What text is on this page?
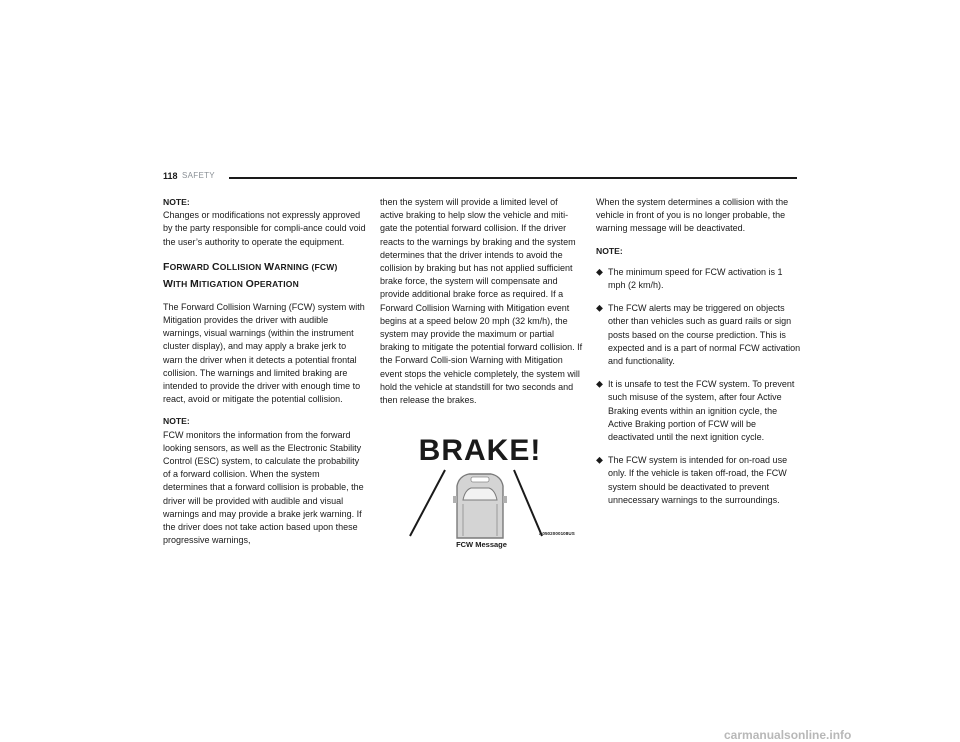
118 SAFETY
NOTE:

Changes or modifications not expressly approved by the party responsible for compli-ance could void the user’s authority to operate the equipment.

FORWARD COLLISION WARNING (FCW)
WITH MITIGATION OPERATION

The Forward Collision Warning (FCW) system with Mitigation provides the driver with audible warnings, visual warnings (within the instrument cluster display), and may apply a brake jerk to warn the driver when it detects a potential frontal collision. The warnings and limited braking are intended to provide the driver with enough time to react, avoid or mitigate the potential collision.

NOTE:

FCW monitors the information from the forward looking sensors, as well as the Electronic Stability Control (ESC) system, to calculate the probability of a forward collision. When the system determines that a forward collision is probable, the driver will be provided with audible and visual warnings and may provide a brake jerk warning. If the driver does not take action based upon these progressive warnings,

then the system will provide a limited level of active braking to help slow the vehicle and miti-gate the potential forward collision. If the driver reacts to the warnings by braking and the system determines that the driver intends to avoid the collision by braking but has not applied sufficient brake force, the system will compensate and provide additional brake force as required. If a Forward Collision Warning with Mitigation event begins at a speed below 20 mph (32 km/h), the system may provide the maximum or partial braking to mitigate the potential forward collision. If the Forward Colli-sion Warning with Mitigation event stops the vehicle completely, the system will hold the vehicle at standstill for two seconds and then release the brakes.

BRAKE!
A0502000108US
FCW Message

When the system determines a collision with the vehicle in front of you is no longer probable, the warning message will be deactivated.

NOTE:
⬥ The minimum speed for FCW activation is 1 mph (2 km/h).
⬥ The FCW alerts may be triggered on objects other than vehicles such as guard rails or sign posts based on the course prediction. This is expected and is a part of normal FCW activation and functionality.
⬥ It is unsafe to test the FCW system. To prevent such misuse of the system, after four Active Braking events within an ignition cycle, the Active Braking portion of FCW will be deactivated until the next ignition cycle.
⬥ The FCW system is intended for on-road use only. If the vehicle is taken off-road, the FCW system should be deactivated to prevent unnecessary warnings to the surroundings.
carmanualsonline.info
